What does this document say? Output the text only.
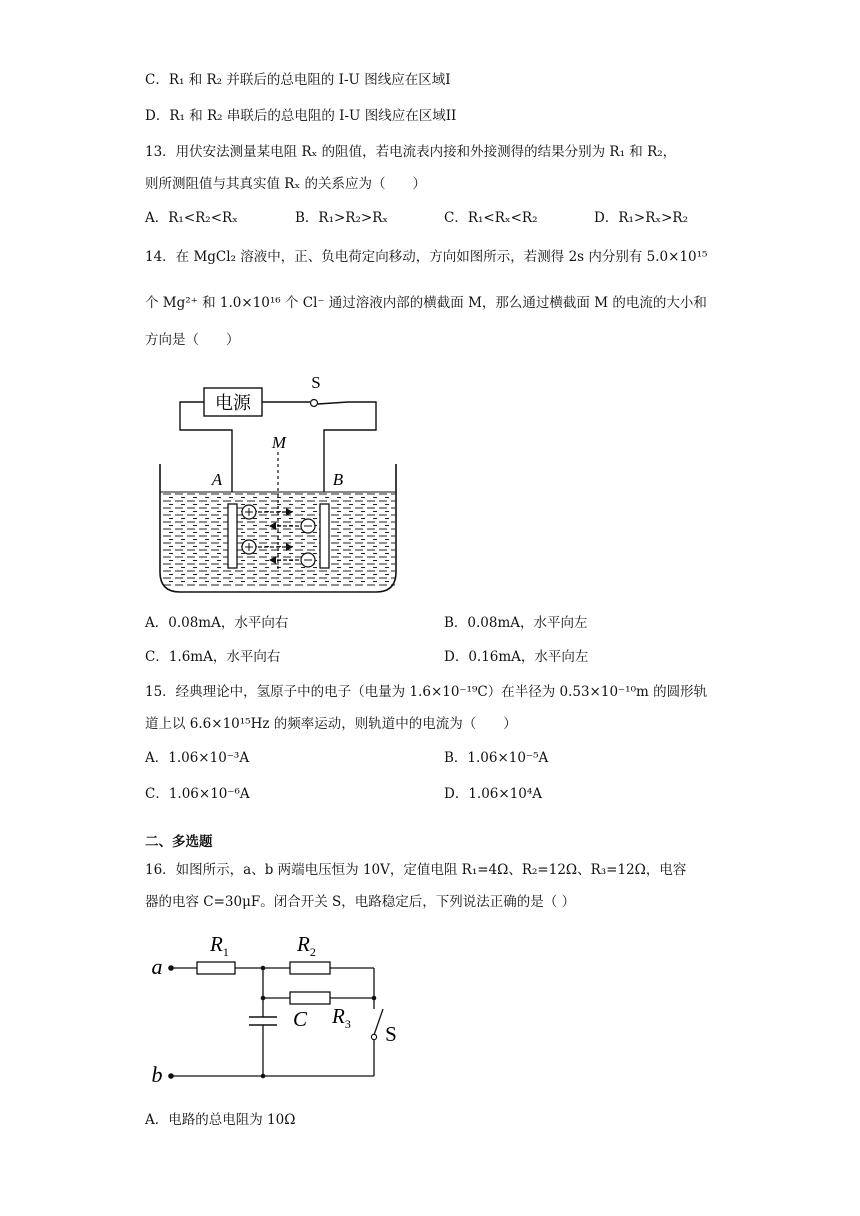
C．R₁ 和 R₂ 并联后的总电阻的 I-U 图线应在区域I
D．R₁ 和 R₂ 串联后的总电阻的 I-U 图线应在区域II
13．用伏安法测量某电阻 Rₓ 的阻值，若电流表内接和外接测得的结果分别为 R₁ 和 R₂，
则所测阻值与其真实值 Rₓ 的关系应为（　　）
A．R₁<R₂<Rₓ	B．R₁>R₂>Rₓ	C．R₁<Rₓ<R₂	D．R₁>Rₓ>R₂
14．在 MgCl₂ 溶液中，正、负电荷定向移动，方向如图所示，若测得 2s 内分别有 5.0×10¹⁵
个 Mg²⁺ 和 1.0×10¹⁶ 个 Cl⁻ 通过溶液内部的横截面 M，那么通过横截面 M 的电流的大小和
方向是（　　）
电源
S
M
A	B
A．0.08mA，水平向右	B．0.08mA，水平向左
C．1.6mA，水平向右	D．0.16mA，水平向左
15．经典理论中，氢原子中的电子（电量为 1.6×10⁻¹⁹C）在半径为 0.53×10⁻¹⁰m 的圆形轨
道上以 6.6×10¹⁵Hz 的频率运动，则轨道中的电流为（　　）
A．1.06×10⁻³A	B．1.06×10⁻⁵A
C．1.06×10⁻⁶A	D．1.06×10⁴A
二、多选题
16．如图所示，a、b 两端电压恒为 10V，定值电阻 R₁=4Ω、R₂=12Ω、R₃=12Ω，电容
器的电容 C=30μF。闭合开关 S，电路稳定后，下列说法正确的是（ ）
a
b
$R_1$	$R_2$
$R_3$
C
S
A．电路的总电阻为 10Ω
